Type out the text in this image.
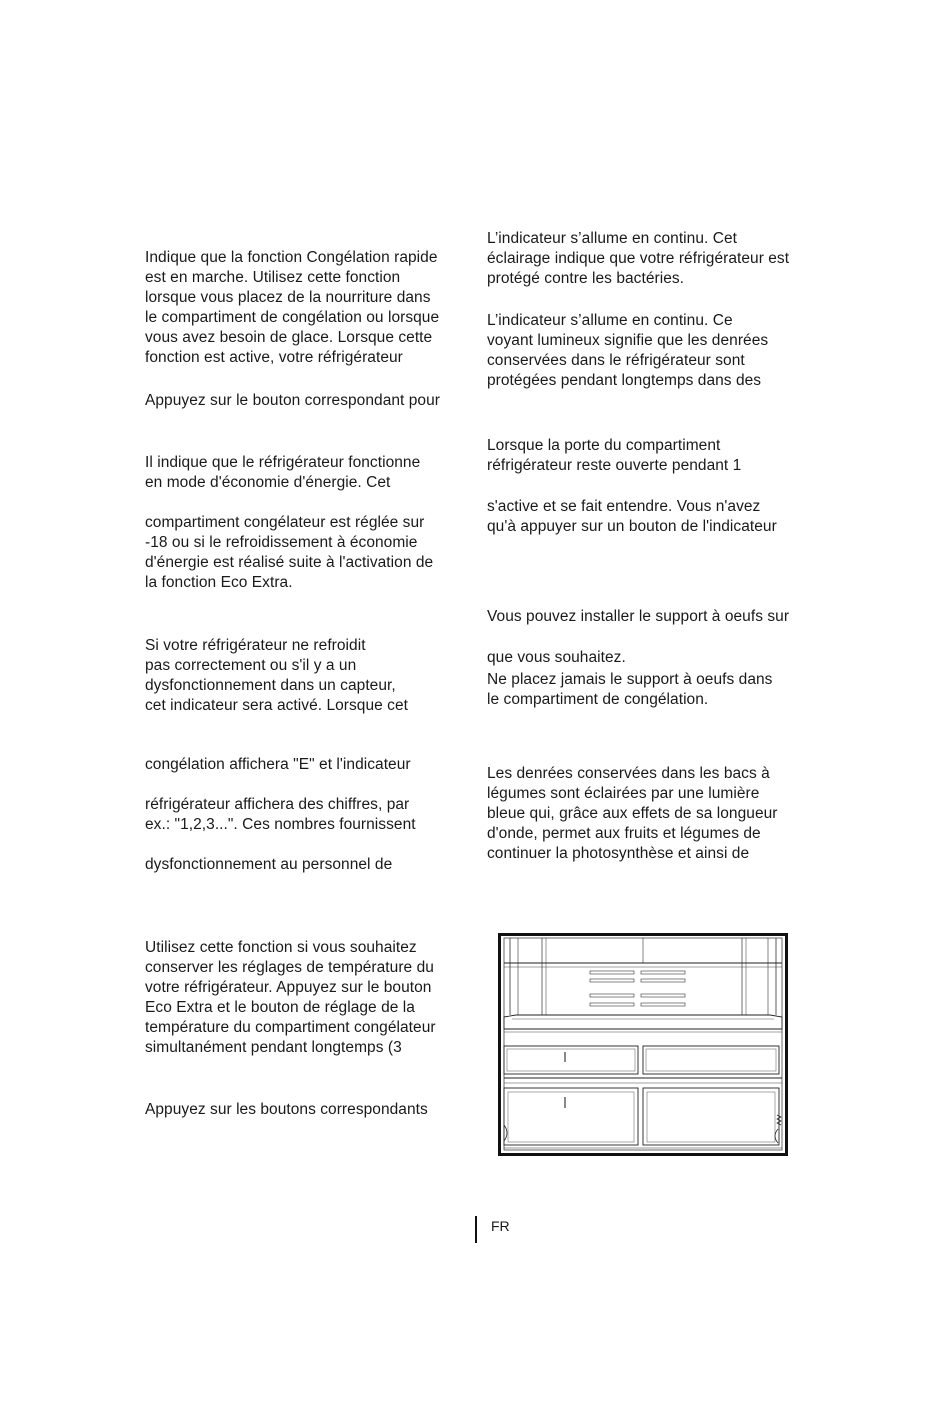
Indique que la fonction Congélation rapide
est en marche. Utilisez cette fonction
lorsque vous placez de la nourriture dans
le compartiment de congélation ou lorsque
vous avez besoin de glace. Lorsque cette
fonction est active, votre réfrigérateur
Appuyez sur le bouton correspondant pour
Il indique que le réfrigérateur fonctionne
en mode d'économie d'énergie. Cet
compartiment congélateur est réglée sur
-18 ou si le refroidissement à économie
d'énergie est réalisé suite à l'activation de
la fonction Eco Extra.
Si votre réfrigérateur ne refroidit
pas correctement ou s'il y a un
dysfonctionnement dans un capteur,
cet indicateur sera activé. Lorsque cet
congélation affichera "E" et l'indicateur
réfrigérateur affichera des chiffres, par
ex.: "1,2,3...". Ces nombres fournissent
dysfonctionnement au personnel de
Utilisez cette fonction si vous souhaitez
conserver les réglages de température du
votre réfrigérateur. Appuyez sur le bouton
Eco Extra et le bouton de réglage de la
température du compartiment congélateur
simultanément pendant longtemps (3
Appuyez sur les boutons correspondants
L’indicateur s’allume en continu. Cet
éclairage indique que votre réfrigérateur est
protégé contre les bactéries.
L’indicateur s’allume en continu. Ce
voyant lumineux signifie que les denrées
conservées dans le réfrigérateur sont
protégées pendant longtemps dans des
Lorsque la porte du compartiment
réfrigérateur reste ouverte pendant 1
s'active et se fait entendre. Vous n'avez
qu'à appuyer sur un bouton de l'indicateur
Vous pouvez installer le support à oeufs sur
que vous souhaitez.
Ne placez jamais le support à oeufs dans
le compartiment de congélation.
Les denrées conservées dans les bacs à
légumes sont éclairées par une lumière
bleue qui, grâce aux effets de sa longueur
d'onde, permet aux fruits et légumes de
continuer la photosynthèse et ainsi de
FR
